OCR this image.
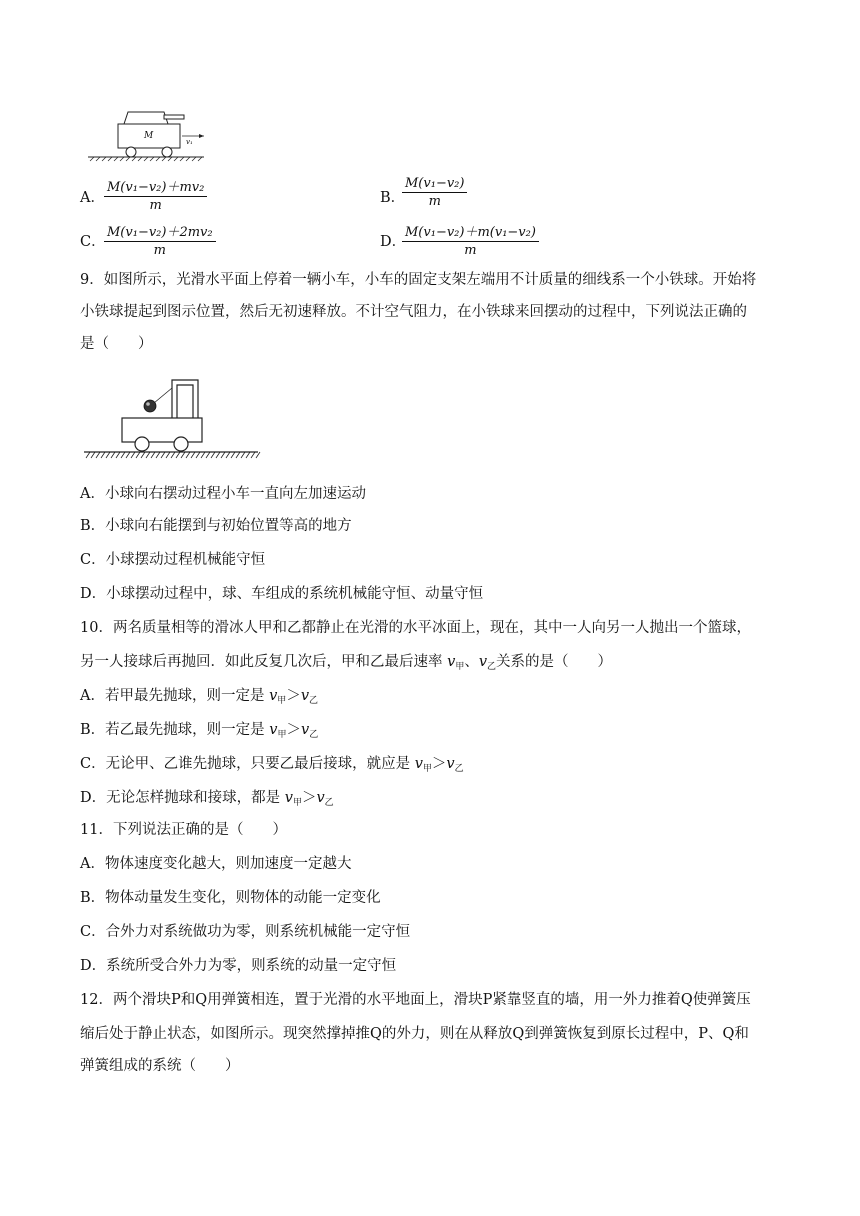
M
v₁
A． $\frac{\text{M(v₁−v₂)＋mv₂}}{m}$	B．
$\frac{\text{M(v₁−v₂)}}{m}$
C．
$\frac{\text{M(v₁−v₂)＋2mv₂}}{m}$	D．
$\frac{\text{M(v₁−v₂)＋m(v₁−v₂)}}{m}$
9．如图所示，光滑水平面上停着一辆小车，小车的固定支架左端用不计质量的细线系一个小铁球。开始将
小铁球提起到图示位置，然后无初速释放。不计空气阻力，在小铁球来回摆动的过程中，下列说法正确的
是（　　）
A．小球向右摆动过程小车一直向左加速运动
B．小球向右能摆到与初始位置等高的地方
C．小球摆动过程机械能守恒
D．小球摆动过程中，球、车组成的系统机械能守恒、动量守恒
10．两名质量相等的滑冰人甲和乙都静止在光滑的水平冰面上，现在，其中一人向另一人抛出一个篮球，
另一人接球后再抛回．如此反复几次后，甲和乙最后速率 $v_甲$、$v_乙$关系的是（　　）
A．若甲最先抛球，则一定是 $v_甲>v_乙$
B．若乙最先抛球，则一定是 $v_甲>v_乙$
C．无论甲、乙谁先抛球，只要乙最后接球，就应是 $v_甲>v_乙$
D．无论怎样抛球和接球，都是 $v_甲>v_乙$
11．下列说法正确的是（　　）
A．物体速度变化越大，则加速度一定越大
B．物体动量发生变化，则物体的动能一定变化
C．合外力对系统做功为零，则系统机械能一定守恒
D．系统所受合外力为零，则系统的动量一定守恒
12．两个滑块P和Q用弹簧相连，置于光滑的水平地面上，滑块P紧靠竖直的墙，用一外力推着Q使弹簧压
缩后处于静止状态，如图所示。现突然撑掉推Q的外力，则在从释放Q到弹簧恢复到原长过程中，P、Q和
弹簧组成的系统（　　）
